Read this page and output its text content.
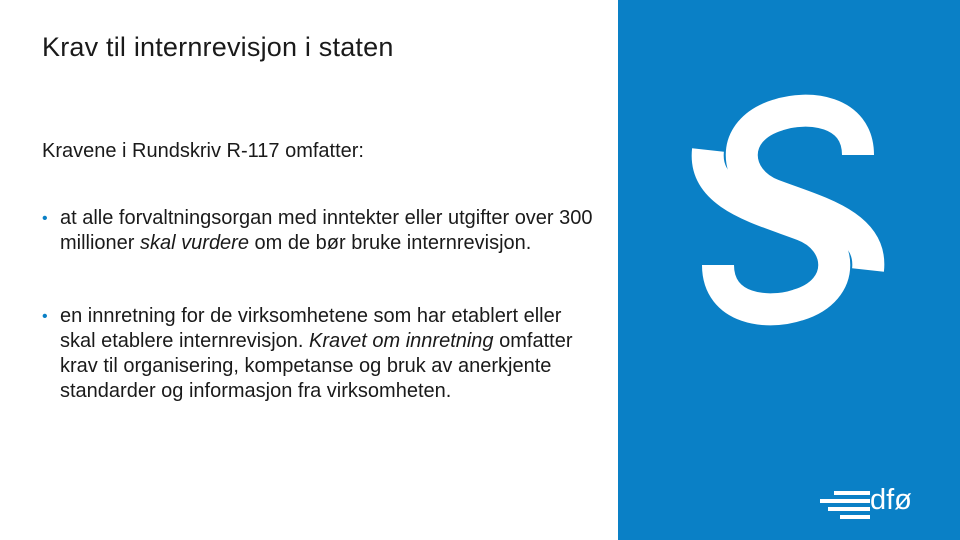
Krav til internrevisjon i staten

Kravene i Rundskriv R-117 omfatter:

• at alle forvaltningsorgan med inntekter eller utgifter over 300 millioner skal vurdere om de bør bruke internrevisjon.
• en innretning for de virksomhetene som har etablert eller skal etablere internrevisjon. Kravet om innretning omfatter krav til organisering, kompetanse og bruk av anerkjente standarder og informasjon fra virksomheten.
dfø
